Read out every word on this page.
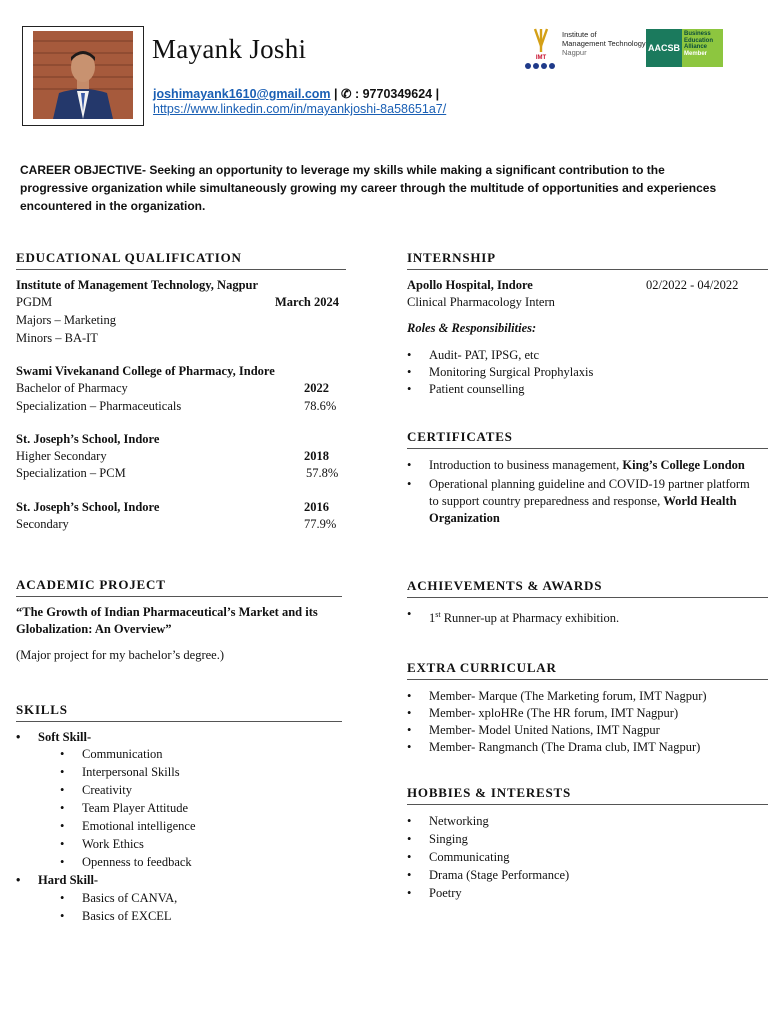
Mayank Joshi
joshimayank1610@gmail.com | ✆ : 9770349624 |
https://www.linkedin.com/in/mayankjoshi-8a58651a7/
IMT
Institute of
Management Technology
Nagpur	AACSB
Business
Education
Alliance
Member
CAREER OBJECTIVE- Seeking an opportunity to leverage my skills while making a significant contribution to the progressive organization while simultaneously growing my career through the multitude of opportunities and experiences encountered in the organization.
EDUCATIONAL QUALIFICATION
Institute of Management Technology, Nagpur
PGDM	March 2024
Majors – Marketing
Minors – BA-IT
Swami Vivekanand College of Pharmacy, Indore
Bachelor of Pharmacy	2022
Specialization – Pharmaceuticals	78.6%
St. Joseph’s School, Indore
Higher Secondary	2018
Specialization – PCM	57.8%
St. Joseph’s School, Indore	2016
Secondary	77.9%
ACADEMIC PROJECT
“The Growth of Indian Pharmaceutical’s Market and its Globalization: An Overview”
(Major project for my bachelor’s degree.)
SKILLS
• Soft Skill-
• Communication
• Interpersonal Skills
• Creativity
• Team Player Attitude
• Emotional intelligence
• Work Ethics
• Openness to feedback
• Hard Skill-
• Basics of CANVA,
• Basics of EXCEL
INTERNSHIP
Apollo Hospital, Indore	02/2022 - 04/2022
Clinical Pharmacology Intern
Roles & Responsibilities:
• Audit- PAT, IPSG, etc
• Monitoring Surgical Prophylaxis
• Patient counselling
CERTIFICATES
• Introduction to business management, King’s College London
• Operational planning guideline and COVID-19 partner platform to support country preparedness and response, World Health Organization
ACHIEVEMENTS & AWARDS
• 1st Runner-up at Pharmacy exhibition.
EXTRA CURRICULAR
• Member- Marque (The Marketing forum, IMT Nagpur)
• Member- xploHRe (The HR forum, IMT Nagpur)
• Member- Model United Nations, IMT Nagpur
• Member- Rangmanch (The Drama club, IMT Nagpur)
HOBBIES & INTERESTS
• Networking
• Singing
• Communicating
• Drama (Stage Performance)
• Poetry
